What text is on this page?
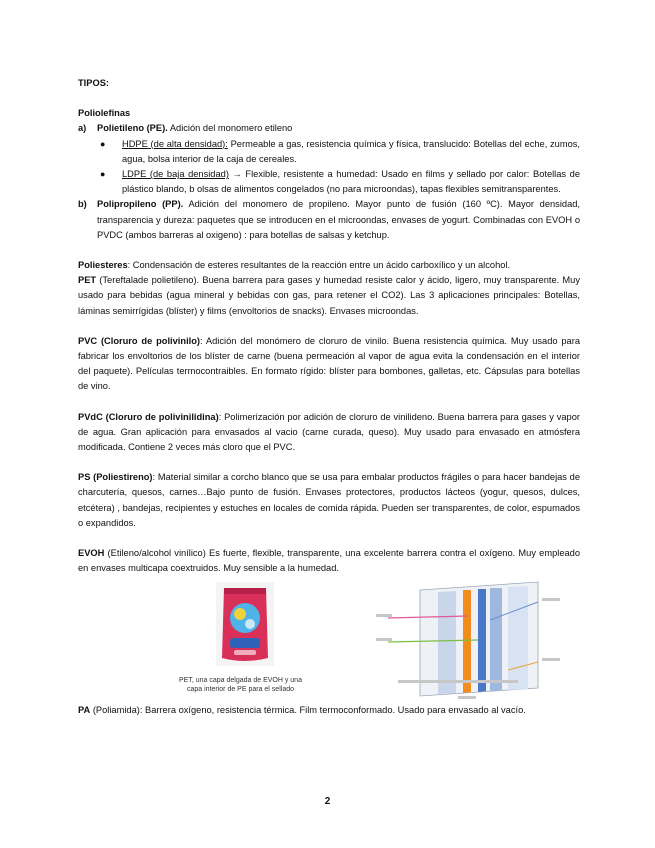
TIPOS:

Poliolefinas

a)	Polietileno (PE). Adición del monomero etileno
●	HDPE (de alta densidad): Permeable a gas, resistencia química y física, translucido: Botellas del eche, zumos, agua, bolsa interior de la caja de cereales.
●	LDPE (de baja densidad) → Flexible, resistente a humedad: Usado en films y sellado por calor: Botellas de plástico blando, b olsas de alimentos congelados (no para microondas), tapas flexibles semitransparentes.
b)	Polipropileno (PP). Adición del monomero de propileno. Mayor punto de fusión (160 ºC). Mayor densidad, transparencia y dureza: paquetes que se introducen en el microondas, envases de yogurt. Combinadas con EVOH o PVDC (ambos barreras al oxigeno) : para botellas de salsas y ketchup.

Poliesteres: Condensación de esteres resultantes de la reacción entre un ácido carboxílico y un alcohol.

PET (Tereftalade polietileno). Buena barrera para gases y humedad resiste calor y ácido, ligero, muy transparente. Muy usado para bebidas (agua mineral y bebidas con gas, para retener el CO2). Las 3 aplicaciones principales: Botellas, láminas semirrígidas (blíster) y films (envoltorios de snacks). Envases microondas.

PVC (Cloruro de polivinilo): Adición del monómero de cloruro de vinilo. Buena resistencia química. Muy usado para fabricar los envoltorios de los blíster de carne (buena permeación al vapor de agua evita la condensación en el interior del paquete). Películas termocontraibles. En formato rígido: blíster para bombones, galletas, etc. Cápsulas para botellas de vino.

PVdC (Cloruro de polivinilidina): Polimerización por adición de cloruro de vinilideno. Buena barrera para gases y vapor de agua. Gran aplicación para envasados al vacio (carne curada, queso). Muy usado para envasado en atmósfera modificada. Contiene 2 veces más cloro que el PVC.

PS (Poliestireno): Material similar a corcho blanco que se usa para embalar productos frágiles o para hacer bandejas de charcutería, quesos, carnes…Bajo punto de fusión. Envases protectores, productos lácteos (yogur, quesos, dulces, etcétera) , bandejas, recipientes y estuches en locales de comida rápida. Pueden ser transparentes, de color, espumados o expandidos.

EVOH (Etileno/alcohol vinílico) Es fuerte, flexible, transparente, una excelente barrera contra el oxígeno. Muy empleado en envases multicapa coextruidos. Muy sensible a la humedad.

PET, una capa delgada de EVOH y una
capa interior de PE para el sellado

PA (Poliamida): Barrera oxígeno, resistencia térmica. Film termoconformado. Usado para envasado al vacío.

2
